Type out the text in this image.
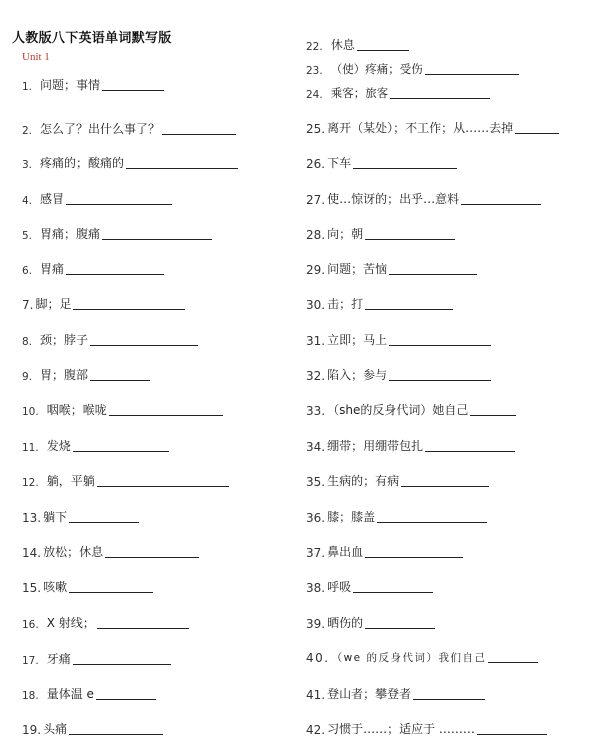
人教版八下英语单词默写版
Unit 1
1. 问题；事情
2. 怎么了？出什么事了？
3. 疼痛的；酸痛的
4. 感冒
5. 胃痛；腹痛
6. 胃痛
7. 脚；足
8. 颈；脖子
9. 胃；腹部
10. 咽喉；喉咙
11. 发烧
12. 躺，平躺
13. 躺下
14. 放松；休息
15. 咳嗽
16. X 射线；
17. 牙痛
18. 量体温 e
19. 头痛
22. 休息
23. （使）疼痛；受伤
24. 乘客；旅客
25. 离开（某处）；不工作；从……去掉
26. 下车
27. 使…惊讶的；出乎…意料
28. 向；朝
29. 问题；苦恼
30. 击；打
31. 立即；马上
32. 陷入；参与
33. （she的反身代词）她自己
34. 绷带；用绷带包扎
35. 生病的；有病
36. 膝；膝盖
37. 鼻出血
38. 呼吸
39. 晒伤的
40. （we 的反身代词）我们自己
41. 登山者；攀登者
42. 习惯于……；适应于 ………
